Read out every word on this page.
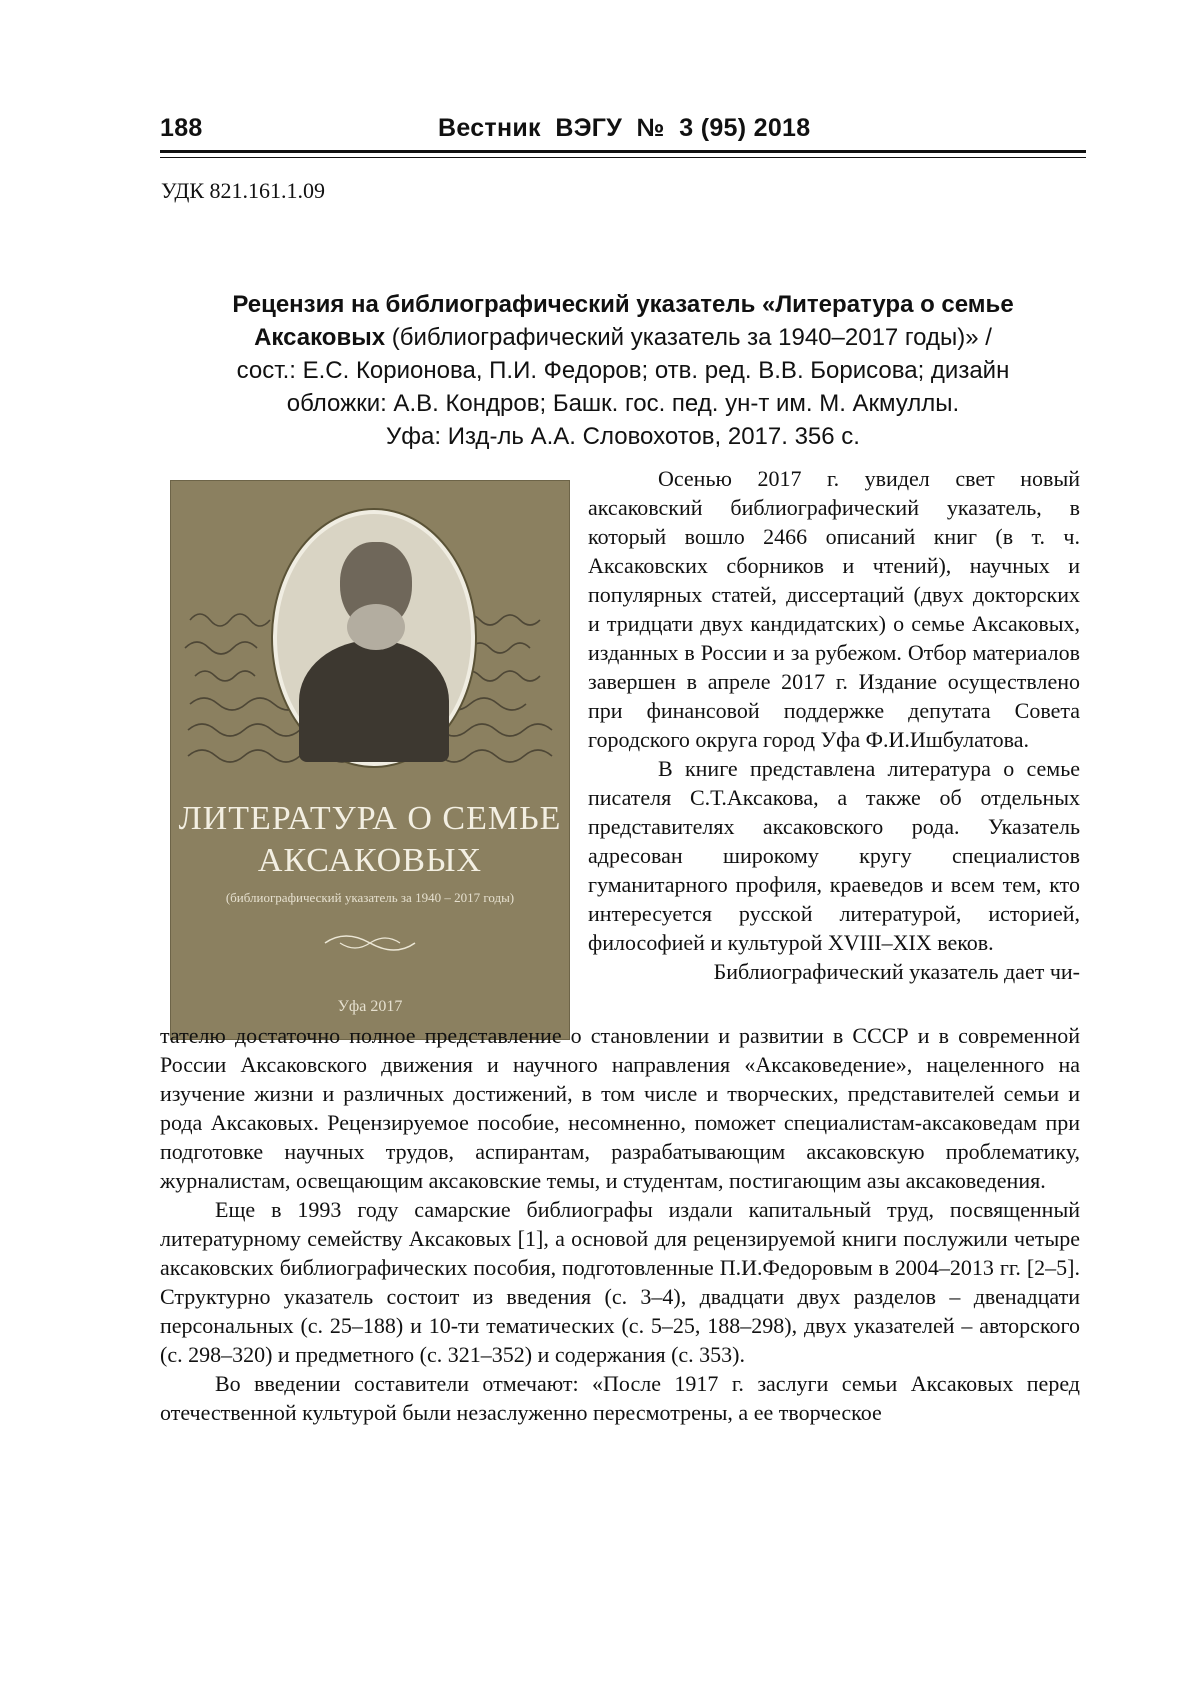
188	Вестник  ВЭГУ  №  3 (95) 2018
УДК 821.161.1.09
Рецензия на библиографический указатель «Литература о семье
Аксаковых (библиографический указатель за 1940–2017 годы)» /
сост.: Е.С. Корионова, П.И. Федоров; отв. ред. В.В. Борисова; дизайн
обложки: А.В. Кондров; Башк. гос. пед. ун-т им. М. Акмуллы.
Уфа: Изд-ль А.А. Словохотов, 2017. 356 с.
ЛИТЕРАТУРА О СЕМЬЕ
АКСАКОВЫХ
(библиографический указатель за 1940 – 2017 годы)
Уфа 2017

Осенью 2017 г. увидел свет новый аксаковский библиографический указатель, в который вошло 2466 описаний книг (в т. ч. Аксаковских сборников и чтений), научных и популярных статей, диссертаций (двух докторских и тридцати двух кандидатских) о семье Аксаковых, изданных в России и за рубежом. Отбор материалов завершен в апреле 2017 г. Издание осуществлено при финансовой поддержке депутата Совета городского округа город Уфа Ф.И.Ишбулатова.

В книге представлена литература о семье писателя С.Т.Аксакова, а также об отдельных представителях аксаковского рода. Указатель адресован широкому кругу специалистов гуманитарного профиля, краеведов и всем тем, кто интересуется русской литературой, историей, философией и культурой XVIII–XIX веков.

Библиографический указатель дает чи-

тателю достаточно полное представление о становлении и развитии в СССР и в современной России Аксаковского движения и научного направления «Аксаковедение», нацеленного на изучение жизни и различных достижений, в том числе и творческих, представителей семьи и рода Аксаковых. Рецензируемое пособие, несомненно, поможет специалистам-аксаковедам при подготовке научных трудов, аспирантам, разрабатывающим аксаковскую проблематику, журналистам, освещающим аксаковские темы, и студентам, постигающим азы аксаковедения.

Еще в 1993 году самарские библиографы издали капитальный труд, посвященный литературному семейству Аксаковых [1], а основой для рецензируемой книги послужили четыре аксаковских библиографических пособия, подготовленные П.И.Федоровым в 2004–2013 гг. [2–5]. Структурно указатель состоит из введения (с. 3–4), двадцати двух разделов – двенадцати персональных (с. 25–188) и 10-ти тематических (с. 5–25, 188–298), двух указателей – авторского (с. 298–320) и предметного (с. 321–352) и содержания (с. 353).

Во введении составители отмечают: «После 1917 г. заслуги семьи Аксаковых перед отечественной культурой были незаслуженно пересмотрены, а ее творческое
